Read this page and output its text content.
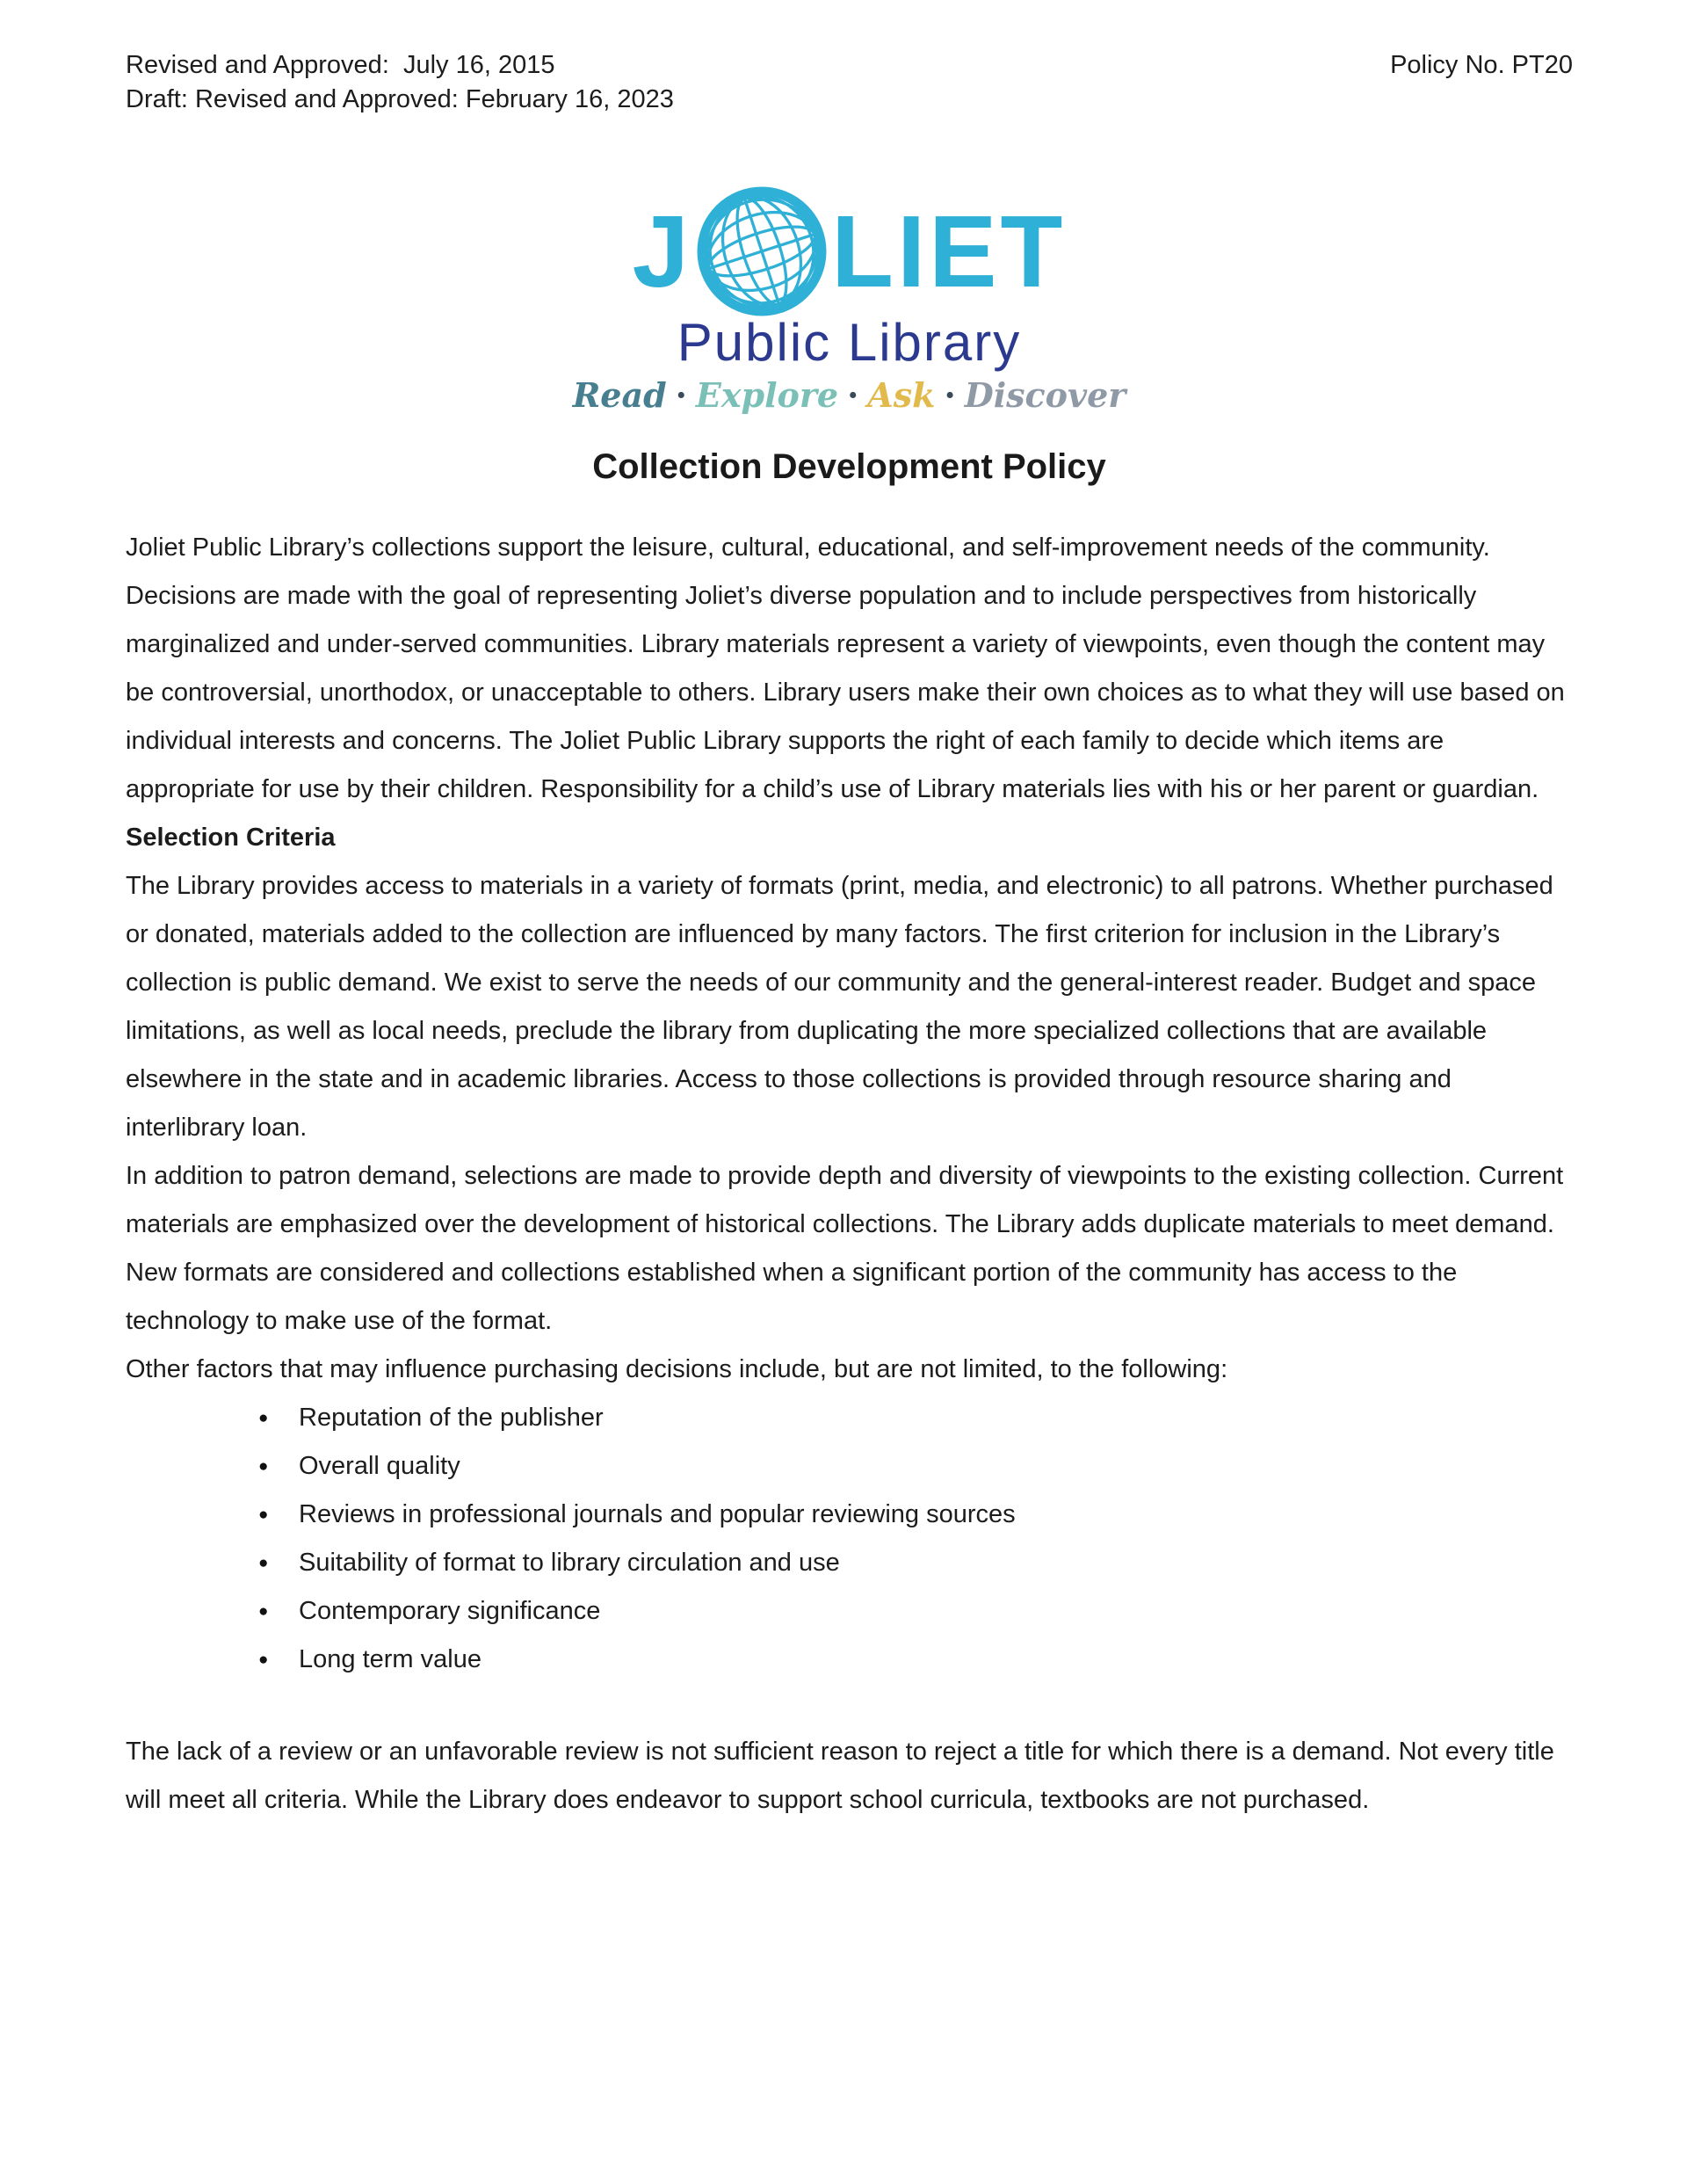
Revised and Approved:  July 16, 2015
Draft: Revised and Approved: February 16, 2023
Policy No. PT20
J LIET
Public Library
Read · Explore · Ask · Discover
Collection Development Policy

Joliet Public Library’s collections support the leisure, cultural, educational, and self-improvement needs of the community. Decisions are made with the goal of representing Joliet’s diverse population and to include perspectives from historically marginalized and under-served communities. Library materials represent a variety of viewpoints, even though the content may be controversial, unorthodox, or unacceptable to others. Library users make their own choices as to what they will use based on individual interests and concerns. The Joliet Public Library supports the right of each family to decide which items are appropriate for use by their children. Responsibility for a child’s use of Library materials lies with his or her parent or guardian.

Selection Criteria

The Library provides access to materials in a variety of formats (print, media, and electronic) to all patrons. Whether purchased or donated, materials added to the collection are influenced by many factors. The first criterion for inclusion in the Library’s collection is public demand. We exist to serve the needs of our community and the general-interest reader. Budget and space limitations, as well as local needs, preclude the library from duplicating the more specialized collections that are available elsewhere in the state and in academic libraries. Access to those collections is provided through resource sharing and interlibrary loan.

In addition to patron demand, selections are made to provide depth and diversity of viewpoints to the existing collection. Current materials are emphasized over the development of historical collections. The Library adds duplicate materials to meet demand. New formats are considered and collections established when a significant portion of the community has access to the technology to make use of the format.

Other factors that may influence purchasing decisions include, but are not limited, to the following:

● Reputation of the publisher
● Overall quality
● Reviews in professional journals and popular reviewing sources
● Suitability of format to library circulation and use
● Contemporary significance
● Long term value

The lack of a review or an unfavorable review is not sufficient reason to reject a title for which there is a demand. Not every title will meet all criteria. While the Library does endeavor to support school curricula, textbooks are not purchased.
